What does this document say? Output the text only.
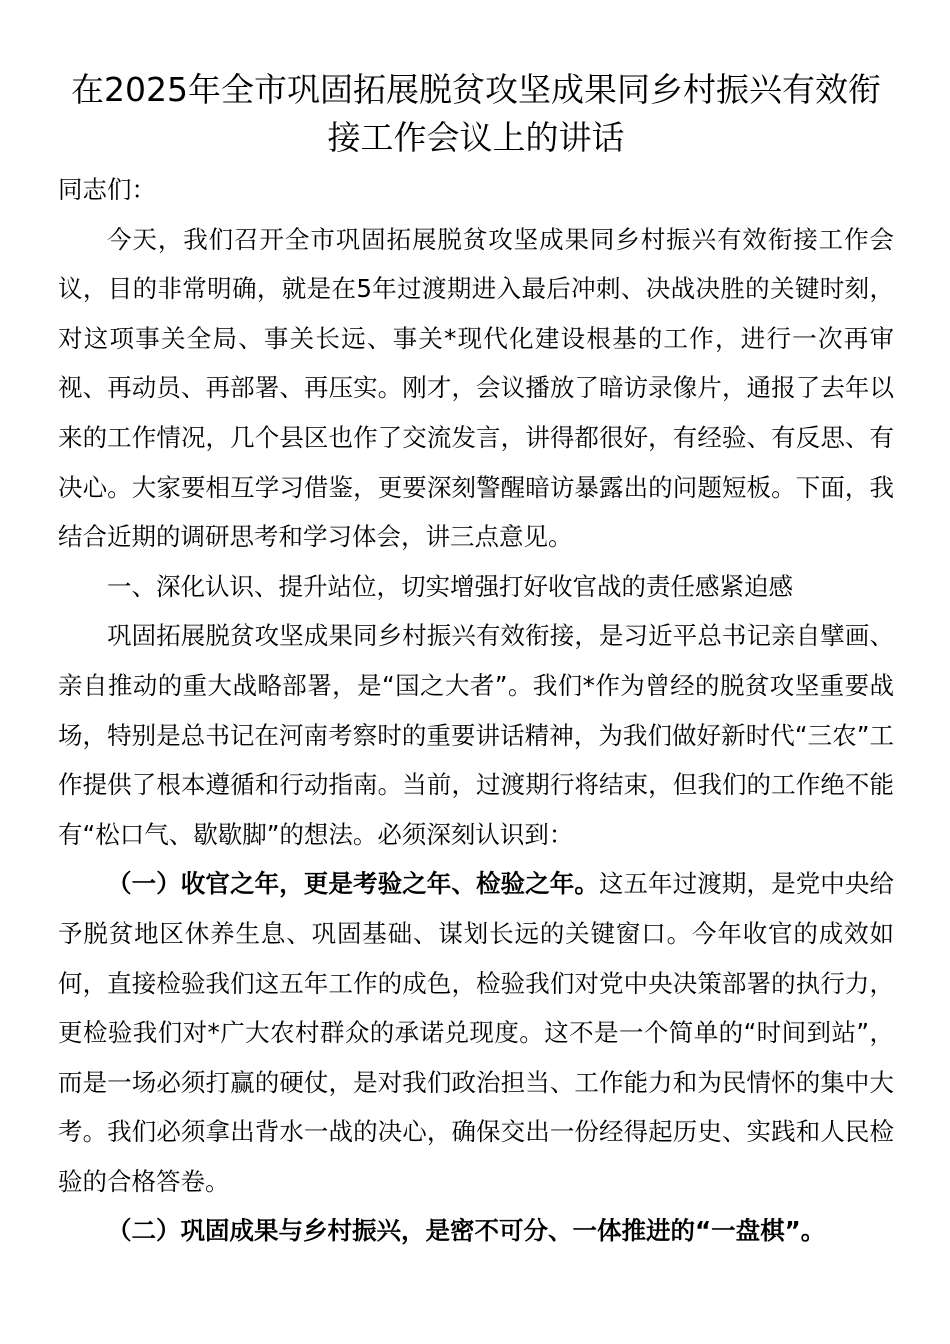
在2025年全市巩固拓展脱贫攻坚成果同乡村振兴有效衔接工作会议上的讲话

同志们：

今天，我们召开全市巩固拓展脱贫攻坚成果同乡村振兴有效衔接工作会议，目的非常明确，就是在5年过渡期进入最后冲刺、决战决胜的关键时刻，对这项事关全局、事关长远、事关*现代化建设根基的工作，进行一次再审视、再动员、再部署、再压实。刚才，会议播放了暗访录像片，通报了去年以来的工作情况，几个县区也作了交流发言，讲得都很好，有经验、有反思、有决心。大家要相互学习借鉴，更要深刻警醒暗访暴露出的问题短板。下面，我结合近期的调研思考和学习体会，讲三点意见。

一、深化认识、提升站位，切实增强打好收官战的责任感紧迫感

巩固拓展脱贫攻坚成果同乡村振兴有效衔接，是习近平总书记亲自擘画、亲自推动的重大战略部署，是“国之大者”。我们*作为曾经的脱贫攻坚重要战场，特别是总书记在河南考察时的重要讲话精神，为我们做好新时代“三农”工作提供了根本遵循和行动指南。当前，过渡期行将结束，但我们的工作绝不能有“松口气、歇歇脚”的想法。必须深刻认识到：

（一）收官之年，更是考验之年、检验之年。这五年过渡期，是党中央给予脱贫地区休养生息、巩固基础、谋划长远的关键窗口。今年收官的成效如何，直接检验我们这五年工作的成色，检验我们对党中央决策部署的执行力，更检验我们对*广大农村群众的承诺兑现度。这不是一个简单的“时间到站”，而是一场必须打赢的硬仗，是对我们政治担当、工作能力和为民情怀的集中大考。我们必须拿出背水一战的决心，确保交出一份经得起历史、实践和人民检验的合格答卷。

（二）巩固成果与乡村振兴，是密不可分、一体推进的“一盘棋”。
